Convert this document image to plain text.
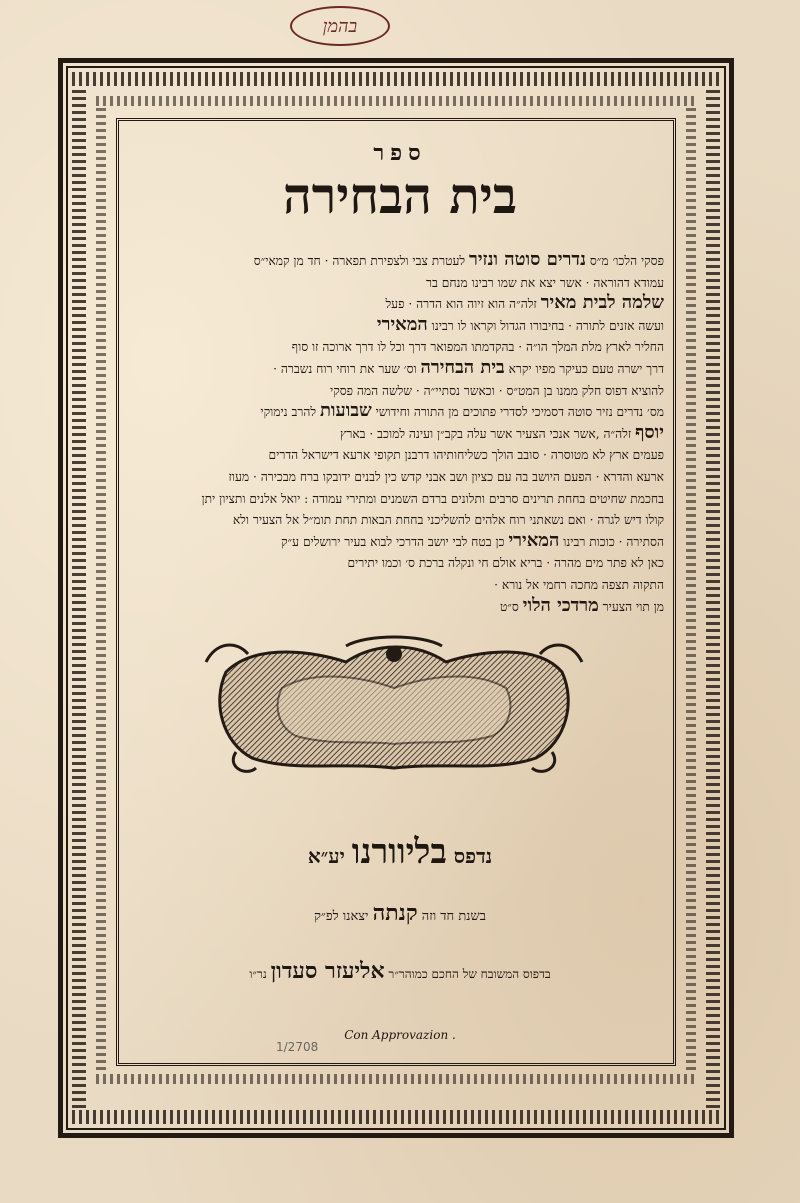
בהמן
ספר
בית הבחירה
פסקי הלכו׳ מ״ס נדרים סוטה ונזיר לעטרת צבי ולצפירת תפארה · חד מן קמאי״ס
עמודא דהוראה · אשר יצא את שמו רבינו מנחם בר
שלמה לבית מאיר זלה״ה הוא זיוה הוא הדרה · פעל
ועשה אזנים לתורה · בחיבורו הגדול וקראו לו רבינו המאירי
החליר לארץ מלת המלך הו״ה · בהקדמתו המפואר דרך וכל לו דרך ארוכה זו סוף
דרך ישרה טעם כעיקר מפיו יקרא בית הבחירה וס׳ שער את רוחי רוח נשברה ·
להוציא דפוס חלק ממנו בן המט״ס · וכאשר נסתיי״ה · שלשה המה פסקי
מס׳ נדרים נזיר סוטה דסמיכי לסדרי פתוכים מן התורה וחידושי שבועות להרב נימוקי
יוסף זלה״ה ,אשר אנכי הצעיר אשר עלה בקב״ן ועינה למוכב · בארץ
פעמים ארץ לא מטוסרה · סובב הולך כשליחותיהו דרבנן תקופי ארעא דישראל הדרים
ארעא והדרא · הפעם היושב בה עם כציון ושב אבני קדש כין לבנים ידובקו ברח מבכירה · מעוז
בחכמת שחיטים בחחת תרינים סרבים ותלונים ברדם השמנים ומתירי עמודה : יואל אלנים ותציון יתן
קולו דיש לגרה · ואם נשאתני רוח אלהים להשליכני בחחת הבאות תחת תומ״ל אל הצעיר ולא
הסתירה · כוכות רבינו המאירי כן בטח לבי יושב הדרכי לבוא בעיר ירושלים ע״ק
כאן לא פתר מים מהרה · בריא אולם חי ונקלה ברכת ס׳ וכמו יתירים
התקוה תצפה מחכה רחמי אל נורא ·
מן תוי הצעיר מרדכי הלוי ס״ט
נדפס בליוורנו יע״א
בשנת חד וזה קנתה יצאנו לפ״ק
בדפוס המשובח של החכם כמוהר״ר אליעזר סעדון נר״ו
Con Approvazion .
1/2708
